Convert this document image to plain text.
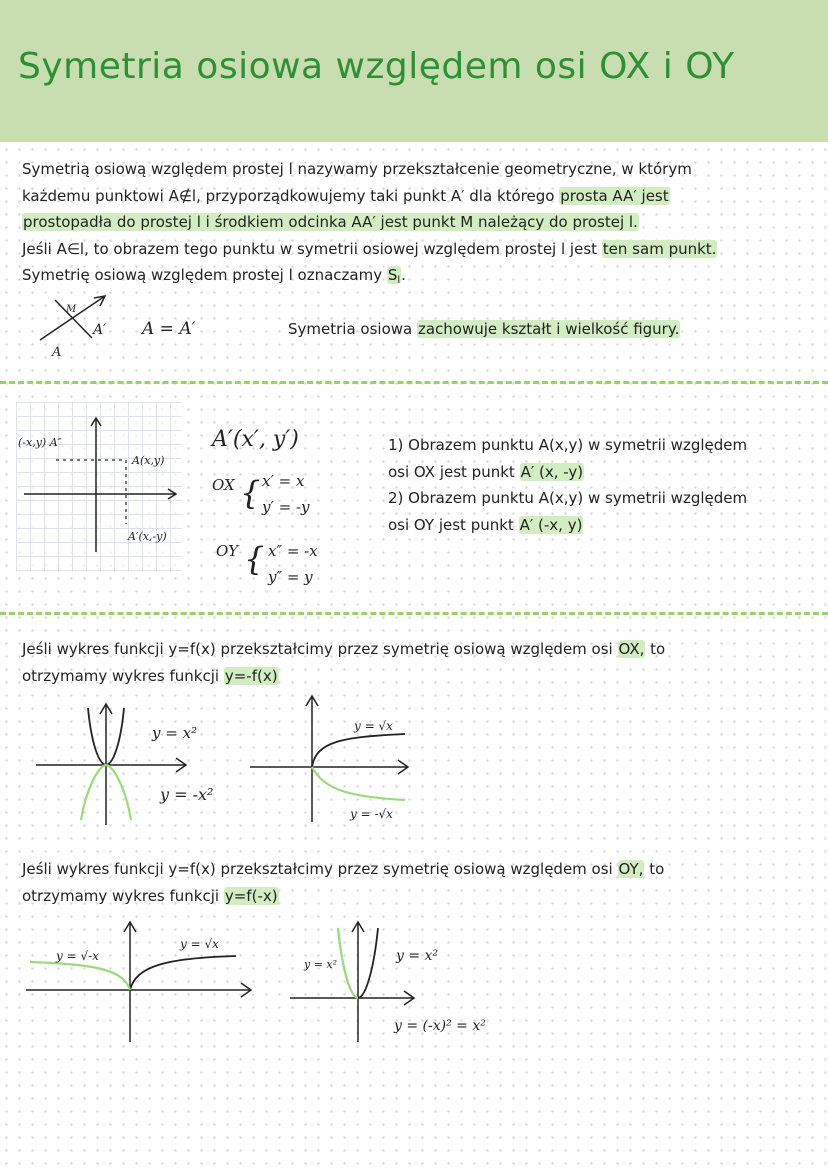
Symetria osiowa względem osi OX i OY
Symetrią osiową względem prostej l nazywamy przekształcenie geometryczne, w którym
każdemu punktowi A∉l, przyporządkowujemy taki punkt A′ dla którego prosta AA′ jest
prostopadła do prostej l i środkiem odcinka AA′ jest punkt M należący do prostej l.
Jeśli A∈l, to obrazem tego punktu w symetrii osiowej względem prostej l jest ten sam punkt.
Symetrię osiową względem prostej l oznaczamy $S_l$.
A
A′
M
A = A′	Symetria osiowa zachowuje kształt i wielkość figury.
A(x,y)
A′(x,-y)
(-x,y) A″	A′(x′, y′)
OX { x′ = x
y′ = -y
OY { x″ = -x
y″ = y
1) Obrazem punktu A(x,y) w symetrii względem
osi OX jest punkt A′ (x, -y)
2) Obrazem punktu A(x,y) w symetrii względem
osi OY jest punkt A′ (-x, y)
Jeśli wykres funkcji y=f(x) przekształcimy przez symetrię osiową względem osi OX, to
otrzymamy wykres funkcji y=-f(x)
y = x²
y = -x²
y = √x
y = -√x
Jeśli wykres funkcji y=f(x) przekształcimy przez symetrię osiową względem osi OY, to
otrzymamy wykres funkcji y=f(-x)
y = √-x
y = √x
y = x²
y = x²
y = (-x)² = x²
